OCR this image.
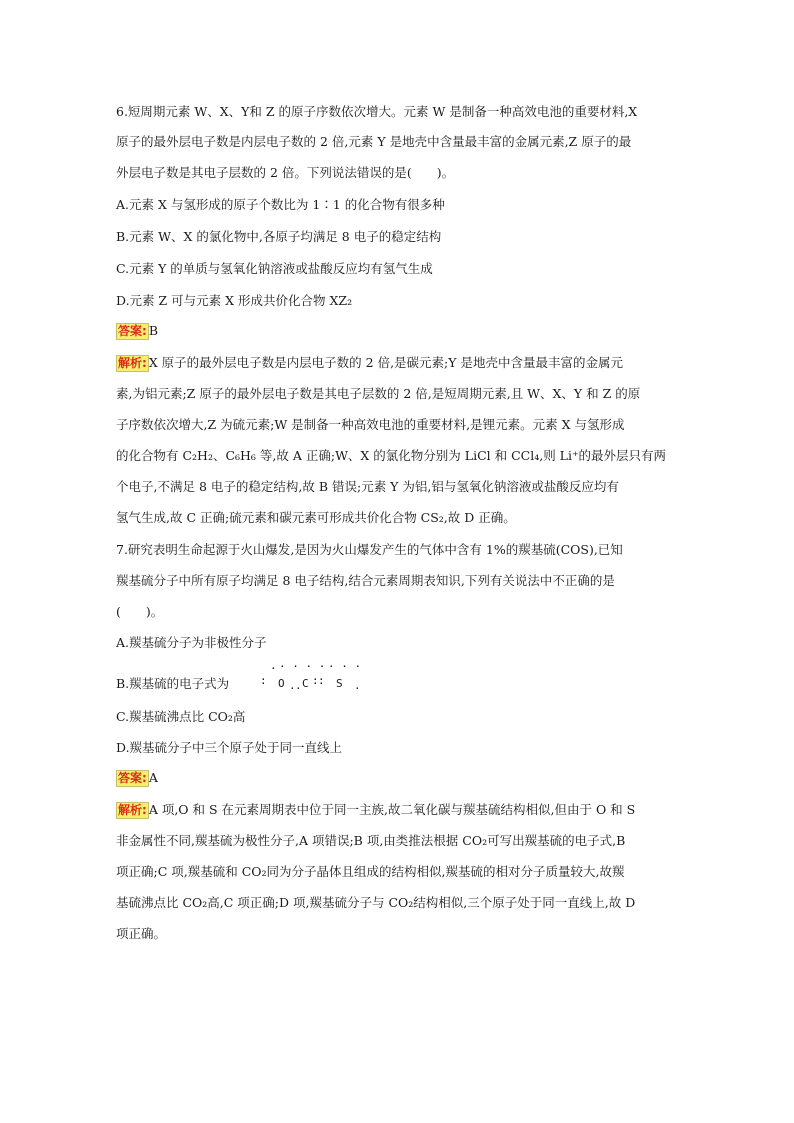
6.短周期元素 W、X、Y和 Z 的原子序数依次增大。元素 W 是制备一种高效电池的重要材料,X
原子的最外层电子数是内层电子数的 2 倍,元素 Y 是地壳中含量最丰富的金属元素,Z 原子的最
外层电子数是其电子层数的 2 倍。下列说法错误的是(　　)。
A.元素 X 与氢形成的原子个数比为 1∶1 的化合物有很多种
B.元素 W、X 的氯化物中,各原子均满足 8 电子的稳定结构
C.元素 Y 的单质与氢氧化钠溶液或盐酸反应均有氢气生成
D.元素 Z 可与元素 X 形成共价化合物 XZ₂
答案: B
解析: X 原子的最外层电子数是内层电子数的 2 倍,是碳元素;Y 是地壳中含量最丰富的金属元
素,为铝元素;Z 原子的最外层电子数是其电子层数的 2 倍,是短周期元素,且 W、X、Y 和 Z 的原
子序数依次增大,Z 为硫元素;W 是制备一种高效电池的重要材料,是锂元素。元素 X 与氢形成
的化合物有 C₂H₂、C₆H₆ 等,故 A 正确;W、X 的氯化物分别为 LiCl 和 CCl₄,则 Li⁺的最外层只有两
个电子,不满足 8 电子的稳定结构,故 B 错误;元素 Y 为铝,铝与氢氧化钠溶液或盐酸反应均有
氢气生成,故 C 正确;硫元素和碳元素可形成共价化合物 CS₂,故 D 正确。
7.研究表明生命起源于火山爆发,是因为火山爆发产生的气体中含有 1%的羰基硫(COS),已知
羰基硫分子中所有原子均满足 8 电子结构,结合元素周期表知识,下列有关说法中不正确的是
(　　)。
A.羰基硫分子为非极性分子
B.羰基硫的电子式为	:
·
O
· · · ·
. . C : :
· · ·
S .
C.羰基硫沸点比 CO₂高
D.羰基硫分子中三个原子处于同一直线上
答案: A
解析: A 项,O 和 S 在元素周期表中位于同一主族,故二氧化碳与羰基硫结构相似,但由于 O 和 S
非金属性不同,羰基硫为极性分子,A 项错误;B 项,由类推法根据 CO₂可写出羰基硫的电子式,B
项正确;C 项,羰基硫和 CO₂同为分子晶体且组成的结构相似,羰基硫的相对分子质量较大,故羰
基硫沸点比 CO₂高,C 项正确;D 项,羰基硫分子与 CO₂结构相似,三个原子处于同一直线上,故 D
项正确。
